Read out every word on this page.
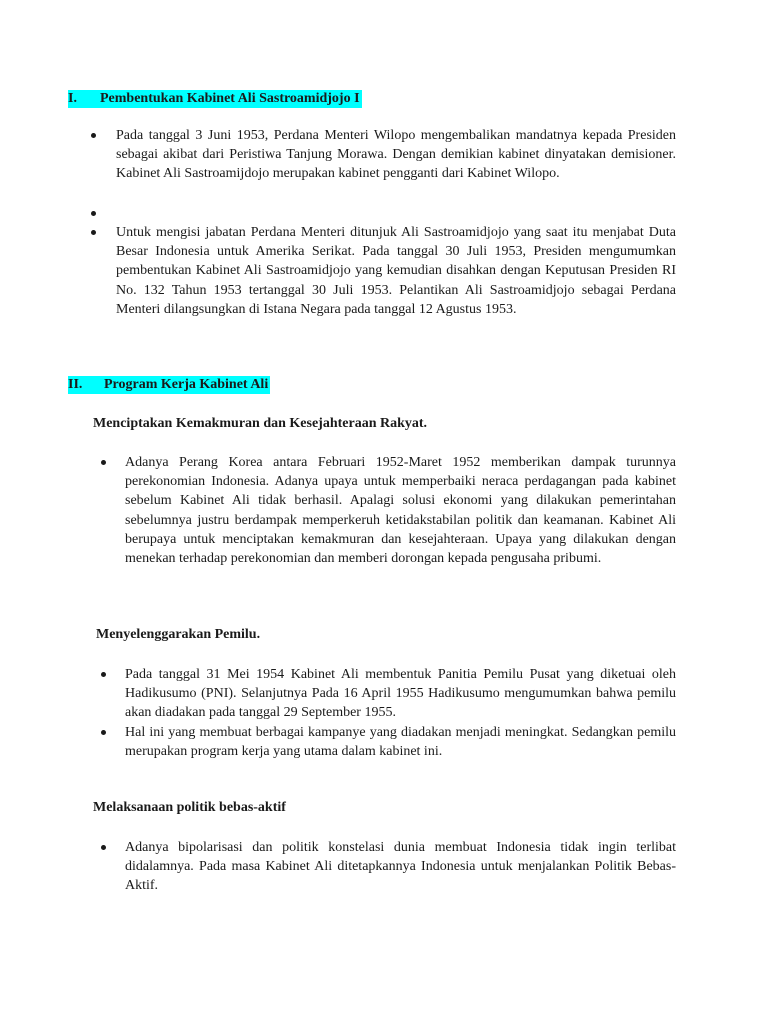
I. Pembentukan Kabinet Ali Sastroamidjojo I

Pada tanggal 3 Juni 1953, Perdana Menteri Wilopo mengembalikan mandatnya kepada Presiden sebagai akibat dari Peristiwa Tanjung Morawa. Dengan demikian kabinet dinyatakan demisioner. Kabinet Ali Sastroamijdojo merupakan kabinet pengganti dari Kabinet Wilopo.

Untuk mengisi jabatan Perdana Menteri ditunjuk Ali Sastroamidjojo yang saat itu menjabat Duta Besar Indonesia untuk Amerika Serikat. Pada tanggal 30 Juli 1953, Presiden mengumumkan pembentukan Kabinet Ali Sastroamidjojo yang kemudian disahkan dengan Keputusan Presiden RI No. 132 Tahun 1953 tertanggal 30 Juli 1953. Pelantikan Ali Sastroamidjojo sebagai Perdana Menteri dilangsungkan di Istana Negara pada tanggal 12 Agustus 1953.

II. Program Kerja Kabinet Ali
Menciptakan Kemakmuran dan Kesejahteraan Rakyat.

Adanya Perang Korea antara Februari 1952-Maret 1952 memberikan dampak turunnya perekonomian Indonesia. Adanya upaya untuk memperbaiki neraca perdagangan pada kabinet sebelum Kabinet Ali tidak berhasil. Apalagi solusi ekonomi yang dilakukan pemerintahan sebelumnya justru berdampak memperkeruh ketidakstabilan politik dan keamanan. Kabinet Ali berupaya untuk menciptakan kemakmuran dan kesejahteraan. Upaya yang dilakukan dengan menekan terhadap perekonomian dan memberi dorongan kepada pengusaha pribumi.

Menyelenggarakan Pemilu.

Pada tanggal 31 Mei 1954 Kabinet Ali membentuk Panitia Pemilu Pusat yang diketuai oleh Hadikusumo (PNI). Selanjutnya Pada 16 April 1955 Hadikusumo mengumumkan bahwa pemilu akan diadakan pada tanggal 29 September 1955.

Hal ini yang membuat berbagai kampanye yang diadakan menjadi meningkat. Sedangkan pemilu merupakan program kerja yang utama dalam kabinet ini.

Melaksanaan politik bebas-aktif

Adanya bipolarisasi dan politik konstelasi dunia membuat Indonesia tidak ingin terlibat didalamnya. Pada masa Kabinet Ali ditetapkannya Indonesia untuk menjalankan Politik Bebas-Aktif.
